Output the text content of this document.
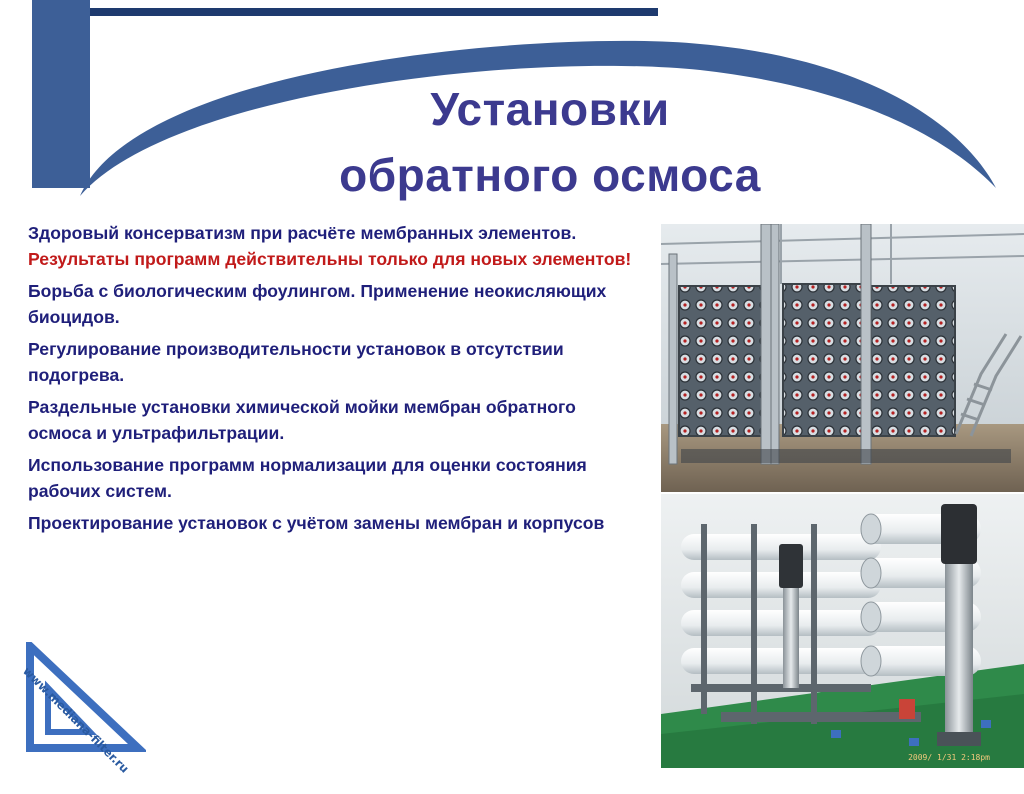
Установки
обратного осмоса

Здоровый консерватизм при расчёте мембранных элементов.
Результаты программ действительны только для новых элементов!

Борьба с биологическим фоулингом. Применение неокисляющих биоцидов.

Регулирование производительности установок в отсутствии подогрева.

Раздельные установки химической мойки мембран обратного осмоса и ультрафильтрации.

Использование программ нормализации для оценки состояния рабочих систем.

Проектирование установок с учётом замены мембран и корпусов

2009/ 1/31 2:18pm
www.mediana-filter.ru
